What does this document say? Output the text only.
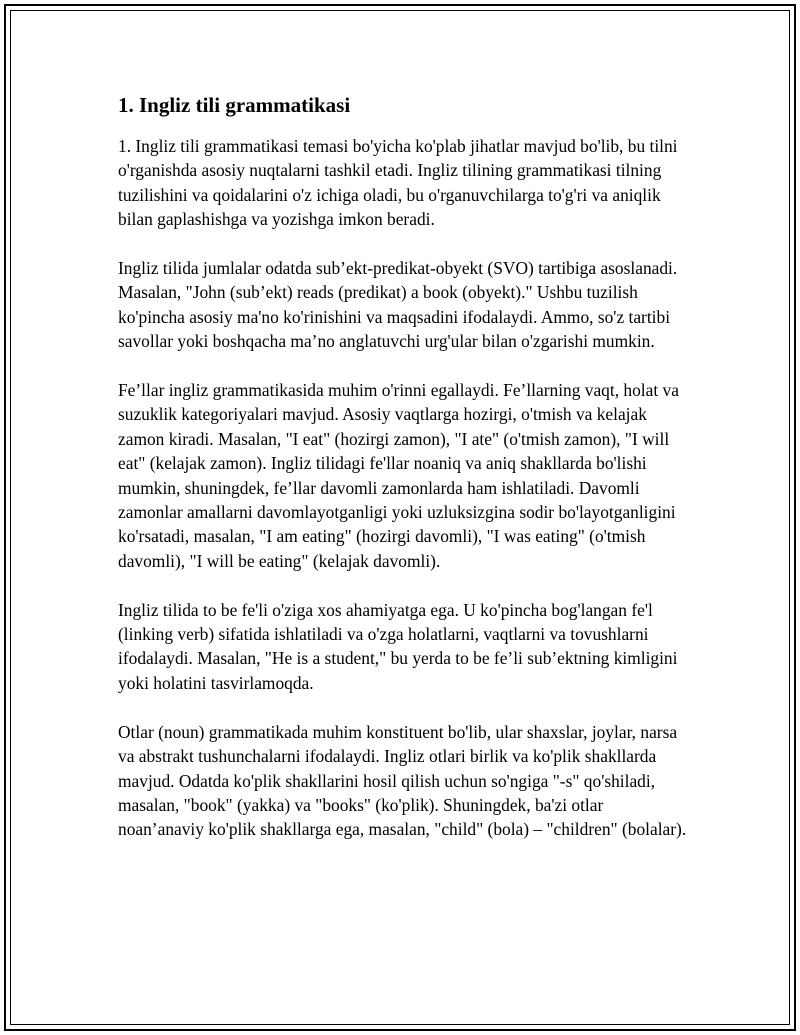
1. Ingliz tili grammatikasi

1. Ingliz tili grammatikasi temasi bo'yicha ko'plab jihatlar mavjud bo'lib, bu tilni o'rganishda asosiy nuqtalarni tashkil etadi. Ingliz tilining grammatikasi tilning tuzilishini va qoidalarini o'z ichiga oladi, bu o'rganuvchilarga to'g'ri va aniqlik bilan gaplashishga va yozishga imkon beradi.

Ingliz tilida jumlalar odatda sub’ekt-predikat-obyekt (SVO) tartibiga asoslanadi. Masalan, "John (sub’ekt) reads (predikat) a book (obyekt)." Ushbu tuzilish ko'pincha asosiy ma'no ko'rinishini va maqsadini ifodalaydi. Ammo, so'z tartibi savollar yoki boshqacha ma’no anglatuvchi urg'ular bilan o'zgarishi mumkin.

Fe’llar ingliz grammatikasida muhim o'rinni egallaydi. Fe’llarning vaqt, holat va suzuklik kategoriyalari mavjud. Asosiy vaqtlarga hozirgi, o'tmish va kelajak zamon kiradi. Masalan, "I eat" (hozirgi zamon), "I ate" (o'tmish zamon), "I will eat" (kelajak zamon). Ingliz tilidagi fe'llar noaniq va aniq shakllarda bo'lishi mumkin, shuningdek, fe’llar davomli zamonlarda ham ishlatiladi. Davomli zamonlar amallarni davomlayotganligi yoki uzluksizgina sodir bo'layotganligini ko'rsatadi, masalan, "I am eating" (hozirgi davomli), "I was eating" (o'tmish davomli), "I will be eating" (kelajak davomli).

Ingliz tilida to be fe'li o'ziga xos ahamiyatga ega. U ko'pincha bog'langan fe'l (linking verb) sifatida ishlatiladi va o'zga holatlarni, vaqtlarni va tovushlarni ifodalaydi. Masalan, "He is a student," bu yerda to be fe’li sub’ektning kimligini yoki holatini tasvirlamoqda.

Otlar (noun) grammatikada muhim konstituent bo'lib, ular shaxslar, joylar, narsa va abstrakt tushunchalarni ifodalaydi. Ingliz otlari birlik va ko'plik shakllarda mavjud. Odatda ko'plik shakllarini hosil qilish uchun so'ngiga "-s" qo'shiladi, masalan, "book" (yakka) va "books" (ko'plik). Shuningdek, ba'zi otlar noan’anaviy ko'plik shakllarga ega, masalan, "child" (bola) – "children" (bolalar).
